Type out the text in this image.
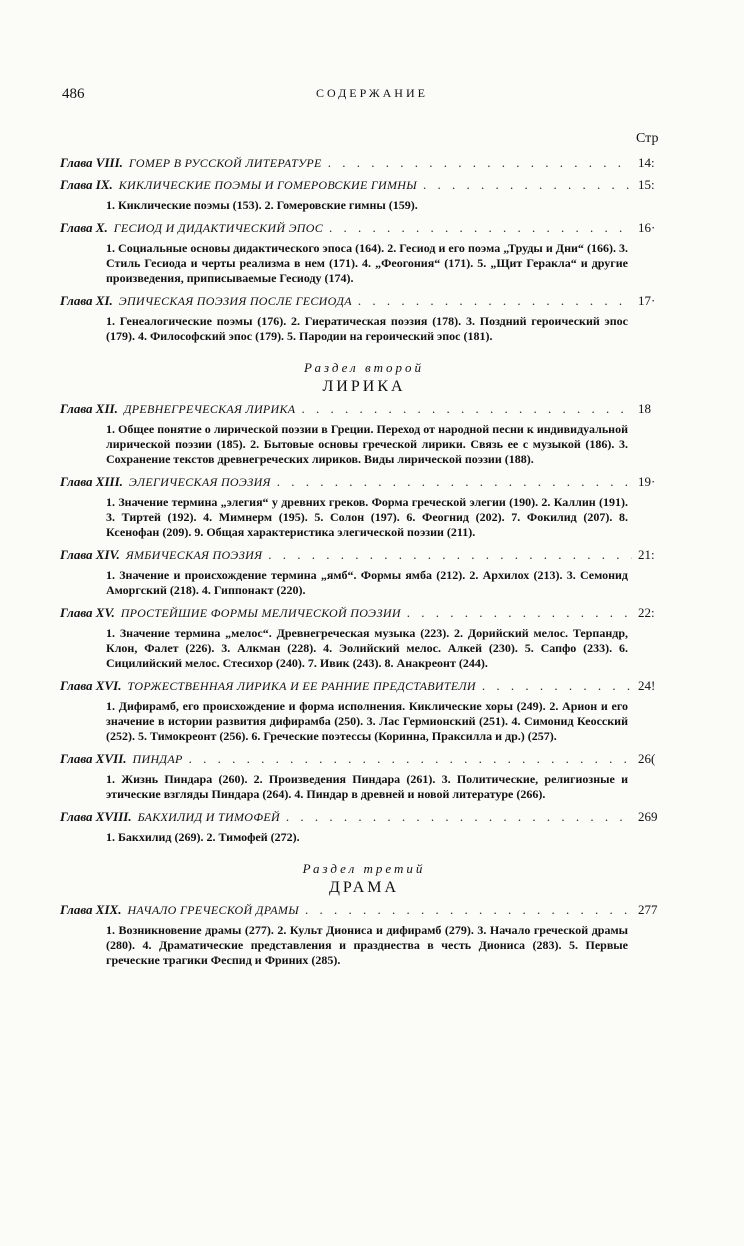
486	СОДЕРЖАНИЕ
Стр
Глава VIII. ГОМЕР В РУССКОЙ ЛИТЕРАТУРЕ . . .	14:
Глава IX. КИКЛИЧЕСКИЕ ПОЭМЫ И ГОМЕРОВСКИЕ ГИМНЫ . . .	15:
1. Киклические поэмы (153). 2. Гомеровские гимны (159).
Глава X. ГЕСИОД И ДИДАКТИЧЕСКИЙ ЭПОС . . .	16·
1. Социальные основы дидактического эпоса (164). 2. Гесиод и его поэма „Труды и Дни“ (166). 3. Стиль Гесиода и черты реализма в нем (171). 4. „Феогония“ (171). 5. „Щит Геракла“ и другие произведения, приписываемые Гесиоду (174).
Глава XI. ЭПИЧЕСКАЯ ПОЭЗИЯ ПОСЛЕ ГЕСИОДА . . .	17·
1. Генеалогические поэмы (176). 2. Гиератическая поэзия (178). 3. Поздний героический эпос (179). 4. Философский эпос (179). 5. Пародии на героический эпос (181).
Раздел второй
ЛИРИКА
Глава XII. ДРЕВНЕГРЕЧЕСКАЯ ЛИРИКА . . .	18
1. Общее понятие о лирической поэзии в Греции. Переход от народной песни к индивидуальной лирической поэзии (185). 2. Бытовые основы греческой лирики. Связь ее с музыкой (186). 3. Сохранение текстов древнегреческих лириков. Виды лирической поэзии (188).
Глава XIII. ЭЛЕГИЧЕСКАЯ ПОЭЗИЯ . . .	19·
1. Значение термина „элегия“ у древних греков. Форма греческой элегии (190). 2. Каллин (191). 3. Тиртей (192). 4. Мимнерм (195). 5. Солон (197). 6. Феогнид (202). 7. Фокилид (207). 8. Ксенофан (209). 9. Общая характеристика элегической поэзии (211).
Глава XIV. ЯМБИЧЕСКАЯ ПОЭЗИЯ . . .	21:
1. Значение и происхождение термина „ямб“. Формы ямба (212). 2. Архилох (213). 3. Семонид Аморгский (218). 4. Гиппонакт (220).
Глава XV. ПРОСТЕЙШИЕ ФОРМЫ МЕЛИЧЕСКОЙ ПОЭЗИИ . . .	22:
1. Значение термина „мелос“. Древнегреческая музыка (223). 2. Дорийский мелос. Терпандр, Клон, Фалет (226). 3. Алкман (228). 4. Эолийский мелос. Алкей (230). 5. Сапфо (233). 6. Сицилийский мелос. Стесихор (240). 7. Ивик (243). 8. Анакреонт (244).
Глава XVI. ТОРЖЕСТВЕННАЯ ЛИРИКА И ЕЕ РАННИЕ ПРЕДСТАВИТЕЛИ . . .	24!
1. Дифирамб, его происхождение и форма исполнения. Киклические хоры (249). 2. Арион и его значение в истории развития дифирамба (250). 3. Лас Гермионский (251). 4. Симонид Кеосский (252). 5. Тимокреонт (256). 6. Греческие поэтессы (Коринна, Праксилла и др.) (257).
Глава XVII. ПИНДАР . . .	26(
1. Жизнь Пиндара (260). 2. Произведения Пиндара (261). 3. Политические, религиозные и этические взгляды Пиндара (264). 4. Пиндар в древней и новой литературе (266).
Глава XVIII. БАКХИЛИД И ТИМОФЕЙ . . .	269
1. Бакхилид (269). 2. Тимофей (272).
Раздел третий
ДРАМА
Глава XIX. НАЧАЛО ГРЕЧЕСКОЙ ДРАМЫ . . .	277
1. Возникновение драмы (277). 2. Культ Диониса и дифирамб (279). 3. Начало греческой драмы (280). 4. Драматические представления и празднества в честь Диониса (283). 5. Первые греческие трагики Феспид и Фриних (285).
